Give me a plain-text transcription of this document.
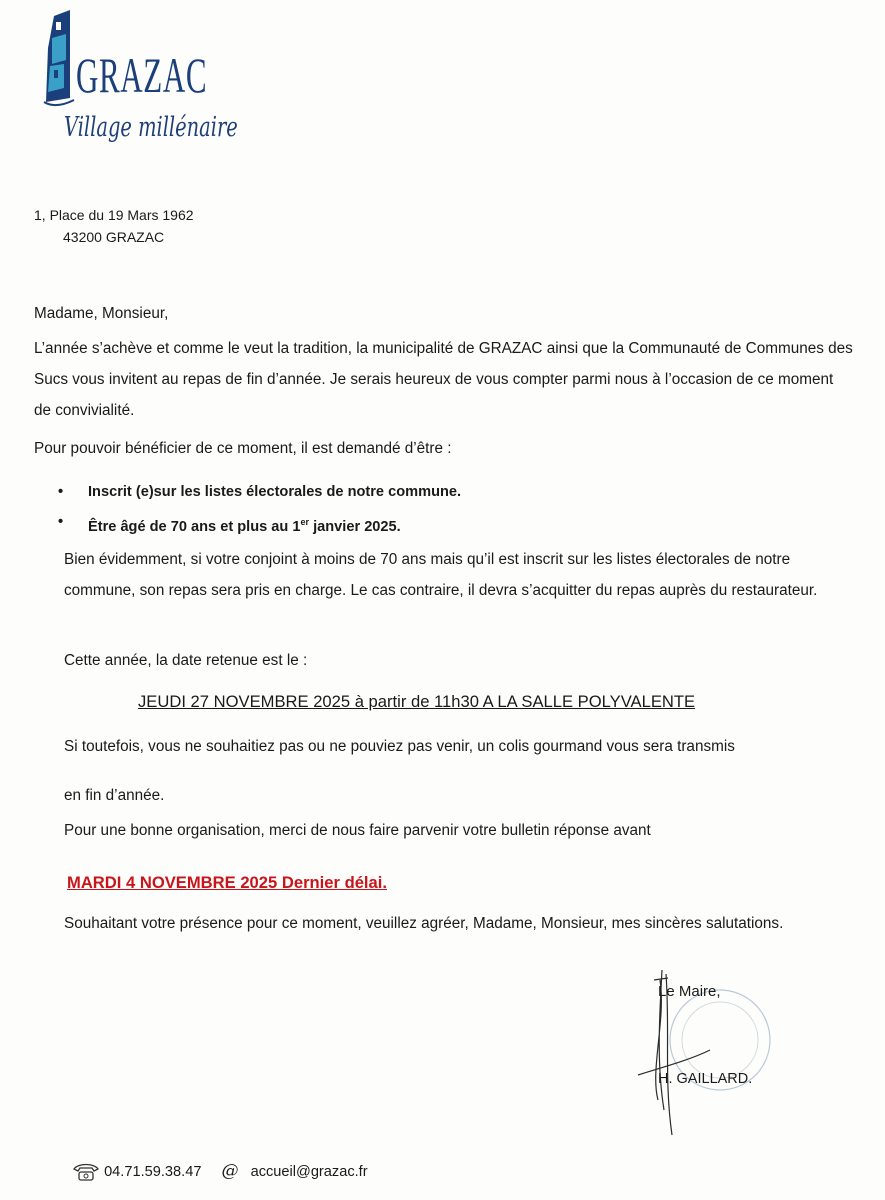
GRAZAC
Village millénaire
1, Place du 19 Mars 1962
43200 GRAZAC
Madame, Monsieur,
L’année s’achève et comme le veut la tradition, la municipalité de GRAZAC ainsi que la Communauté de Communes des Sucs vous invitent au repas de fin d’année. Je serais heureux de vous compter parmi nous à l’occasion de ce moment de convivialité.
Pour pouvoir bénéficier de ce moment, il est demandé d’être :
• Inscrit (e)sur les listes électorales de notre commune.
• Être âgé de 70 ans et plus au 1er janvier 2025.
Bien évidemment, si votre conjoint à moins de 70 ans mais qu’il est inscrit sur les listes électorales de notre commune, son repas sera pris en charge. Le cas contraire, il devra s’acquitter du repas auprès du restaurateur.
Cette année, la date retenue est le :
JEUDI 27 NOVEMBRE 2025 à partir de 11h30 A LA SALLE POLYVALENTE
Si toutefois, vous ne souhaitiez pas ou ne pouviez pas venir, un colis gourmand vous sera transmis
en fin d’année.
Pour une bonne organisation, merci de nous faire parvenir votre bulletin réponse avant
MARDI 4 NOVEMBRE 2025 Dernier délai.
Souhaitant votre présence pour ce moment, veuillez agréer, Madame, Monsieur, mes sincères salutations.
Le Maire,
H. GAILLARD.
04.71.59.38.47 @ accueil@grazac.fr
